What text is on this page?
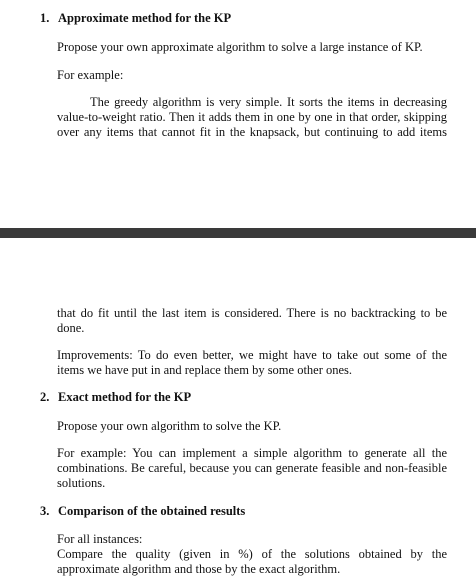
1. Approximate method for the KP
Propose your own approximate algorithm to solve a large instance of KP.
For example:
The greedy algorithm is very simple. It sorts the items in decreasing value-to-weight ratio. Then it adds them in one by one in that order, skipping over any items that cannot fit in the knapsack, but continuing to add items
that do fit until the last item is considered. There is no backtracking to be done.
Improvements: To do even better, we might have to take out some of the items we have put in and replace them by some other ones.
2. Exact method for the KP
Propose your own algorithm to solve the KP.
For example: You can implement a simple algorithm to generate all the combinations. Be careful, because you can generate feasible and non-feasible solutions.
3. Comparison of the obtained results
For all instances:
Compare the quality (given in %) of the solutions obtained by the approximate algorithm and those by the exact algorithm.
